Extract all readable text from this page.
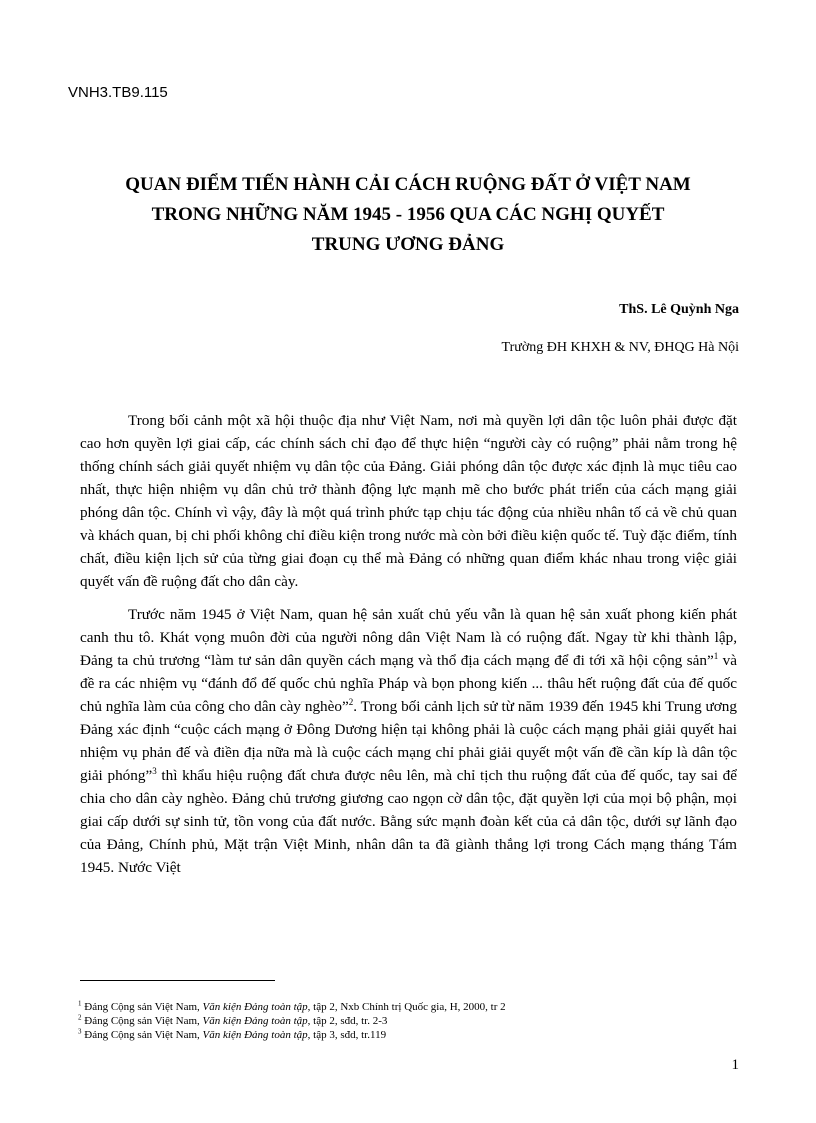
VNH3.TB9.115
QUAN ĐIỂM TIẾN HÀNH CẢI CÁCH RUỘNG ĐẤT Ở VIỆT NAM
TRONG NHỮNG NĂM 1945 - 1956 QUA CÁC NGHỊ QUYẾT
TRUNG ƯƠNG ĐẢNG
ThS. Lê Quỳnh Nga
Trường ĐH KHXH & NV, ĐHQG Hà Nội

Trong bối cảnh một xã hội thuộc địa như Việt Nam, nơi mà quyền lợi dân tộc luôn phải được đặt cao hơn quyền lợi giai cấp, các chính sách chỉ đạo để thực hiện “người cày có ruộng” phải nằm trong hệ thống chính sách giải quyết nhiệm vụ dân tộc của Đảng. Giải phóng dân tộc được xác định là mục tiêu cao nhất, thực hiện nhiệm vụ dân chủ trở thành động lực mạnh mẽ cho bước phát triển của cách mạng giải phóng dân tộc. Chính vì vậy, đây là một quá trình phức tạp chịu tác động của nhiều nhân tố cả về chủ quan và khách quan, bị chi phối không chỉ điều kiện trong nước mà còn bởi điều kiện quốc tế. Tuỳ đặc điểm, tính chất, điều kiện lịch sử của từng giai đoạn cụ thể mà Đảng có những quan điểm khác nhau trong việc giải quyết vấn đề ruộng đất cho dân cày.

Trước năm 1945 ở Việt Nam, quan hệ sản xuất chủ yếu vẫn là quan hệ sản xuất phong kiến phát canh thu tô. Khát vọng muôn đời của người nông dân Việt Nam là có ruộng đất. Ngay từ khi thành lập, Đảng ta chủ trương “làm tư sản dân quyền cách mạng và thổ địa cách mạng để đi tới xã hội cộng sản”$^1$ và đề ra các nhiệm vụ “đánh đổ đế quốc chủ nghĩa Pháp và bọn phong kiến ... thâu hết ruộng đất của đế quốc chủ nghĩa làm của công cho dân cày nghèo”$^2$. Trong bối cảnh lịch sử từ năm 1939 đến 1945 khi Trung ương Đảng xác định “cuộc cách mạng ở Đông Dương hiện tại không phải là cuộc cách mạng phải giải quyết hai nhiệm vụ phản đế và điền địa nữa mà là cuộc cách mạng chỉ phải giải quyết một vấn đề cần kíp là dân tộc giải phóng”$^3$ thì khẩu hiệu ruộng đất chưa được nêu lên, mà chỉ tịch thu ruộng đất của đế quốc, tay sai để chia cho dân cày nghèo. Đảng chủ trương giương cao ngọn cờ dân tộc, đặt quyền lợi của mọi bộ phận, mọi giai cấp dưới sự sinh tử, tồn vong của đất nước. Bằng sức mạnh đoàn kết của cả dân tộc, dưới sự lãnh đạo của Đảng, Chính phủ, Mặt trận Việt Minh, nhân dân ta đã giành thắng lợi trong Cách mạng tháng Tám 1945. Nước Việt

$^1$ Đảng Cộng sản Việt Nam, Văn kiện Đảng toàn tập, tập 2, Nxb Chính trị Quốc gia, H, 2000, tr 2
$^2$ Đảng Cộng sản Việt Nam, Văn kiện Đảng toàn tập, tập 2, sđd, tr. 2-3
$^3$ Đảng Cộng sản Việt Nam, Văn kiện Đảng toàn tập, tập 3, sđd, tr.119
1
